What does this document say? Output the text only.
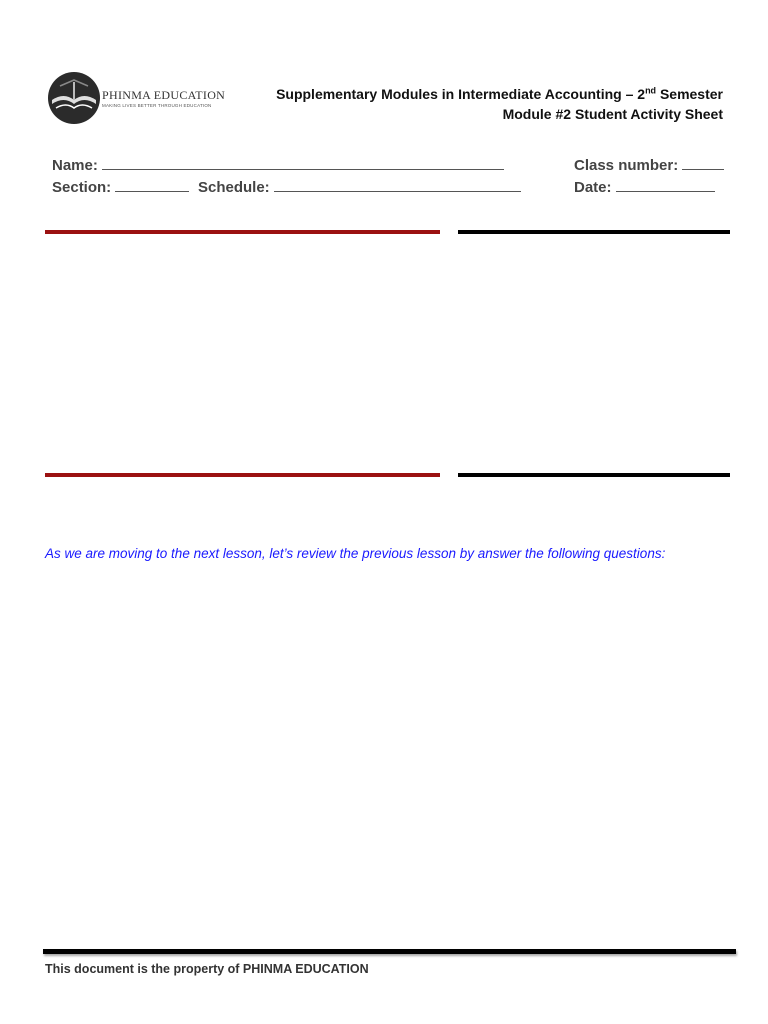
PHINMA EDUCATION
MAKING LIVES BETTER THROUGH EDUCATION
Supplementary Modules in Intermediate Accounting – 2nd Semester
Module #2 Student Activity Sheet
Name:	Class number:
Section:	Schedule:	Date:
As we are moving to the next lesson, let’s review the previous lesson by answer the following questions:
This document is the property of PHINMA EDUCATION
